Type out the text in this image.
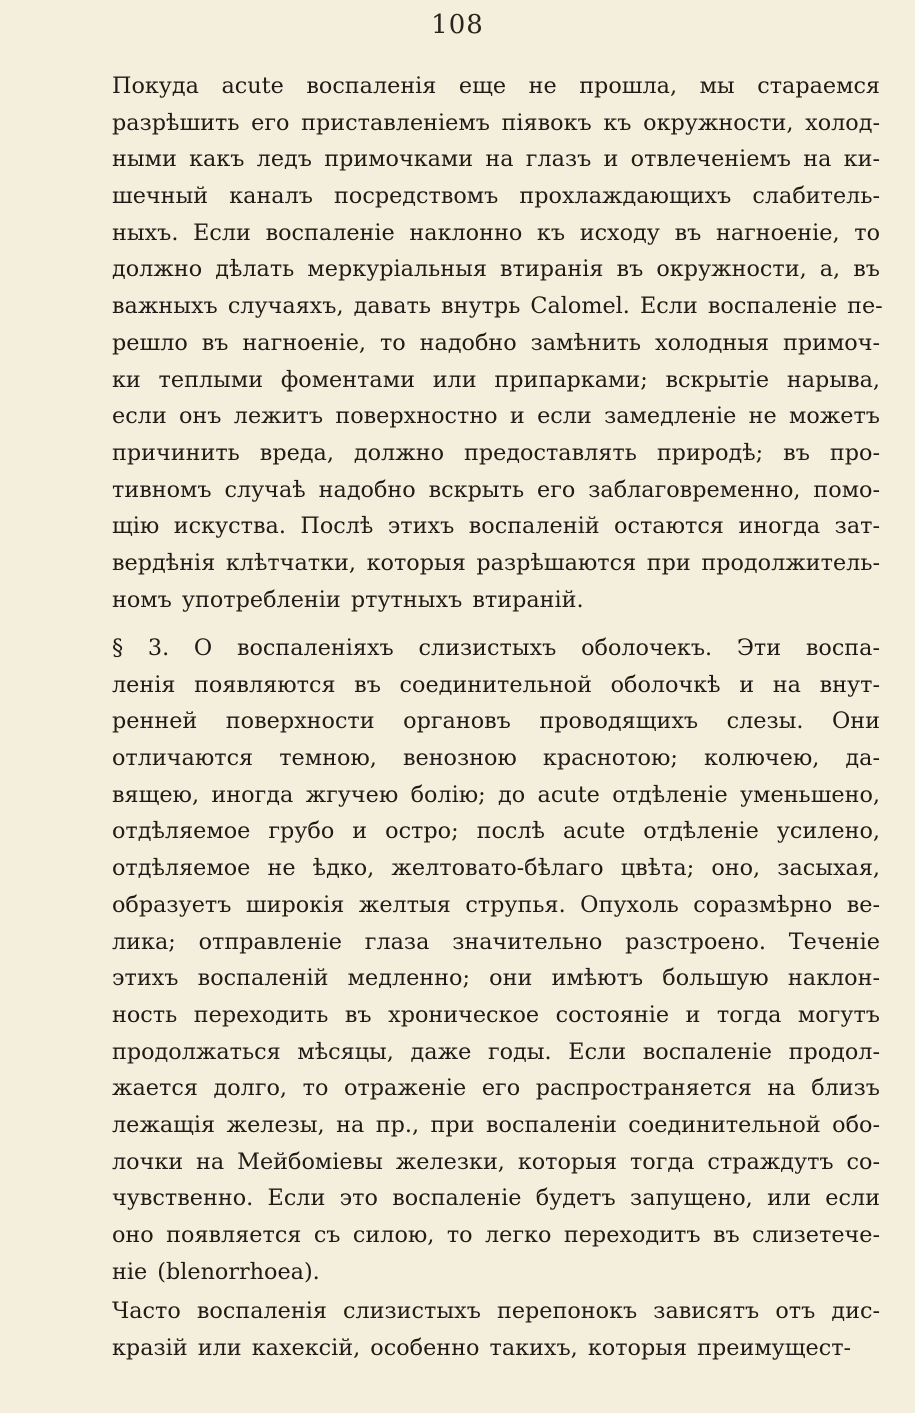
108
Покуда acute воспаленія еще не прошла, мы стараемся
разрѣшить его приставленіемъ піявокъ къ окружности, холод-
ными какъ ледъ примочками на глазъ и отвлеченіемъ на ки-
шечный каналъ посредствомъ прохлаждающихъ слабитель-
ныхъ. Если воспаленіе наклонно къ исходу въ нагноеніе, то
должно дѣлать меркуріальныя втиранія въ окружности, а, въ
важныхъ случаяхъ, давать внутрь Calomel. Если воспаленіе пе-
решло въ нагноеніе, то надобно замѣнить холодныя примоч-
ки теплыми фоментами или припарками; вскрытіе нарыва,
если онъ лежитъ поверхностно и если замедленіе не можетъ
причинить вреда, должно предоставлять природѣ; въ про-
тивномъ случаѣ надобно вскрыть его заблаговременно, помо-
щію искуства. Послѣ этихъ воспаленій остаются иногда зат-
вердѣнія клѣтчатки, которыя разрѣшаются при продолжитель-
номъ употребленіи ртутныхъ втираній.
§ 3. О воспаленіяхъ слизистыхъ оболочекъ. Эти воспа-
ленія появляются въ соединительной оболочкѣ и на внут-
ренней поверхности органовъ проводящихъ слезы. Они
отличаются темною, венозною краснотою; колючею, да-
вящею, иногда жгучею болію; до acute отдѣленіе уменьшено,
отдѣляемое грубо и остро; послѣ acute отдѣленіе усилено,
отдѣляемое не ѣдко, желтовато-бѣлаго цвѣта; оно, засыхая,
образуетъ широкія желтыя струпья. Опухоль соразмѣрно ве-
лика; отправленіе глаза значительно разстроено. Теченіе
этихъ воспаленій медленно; они имѣютъ большую наклон-
ность переходить въ хроническое состояніе и тогда могутъ
продолжаться мѣсяцы, даже годы. Если воспаленіе продол-
жается долго, то отраженіе его распространяется на близъ
лежащія железы, на пр., при воспаленіи соединительной обо-
лочки на Мейбоміевы железки, которыя тогда страждутъ со-
чувственно. Если это воспаленіе будетъ запущено, или если
оно появляется съ силою, то легко переходитъ въ слизетече-
ніе (blenorrhoea).
Часто воспаленія слизистыхъ перепонокъ зависятъ отъ дис-
кразій или кахексій, особенно такихъ, которыя преимущест-
